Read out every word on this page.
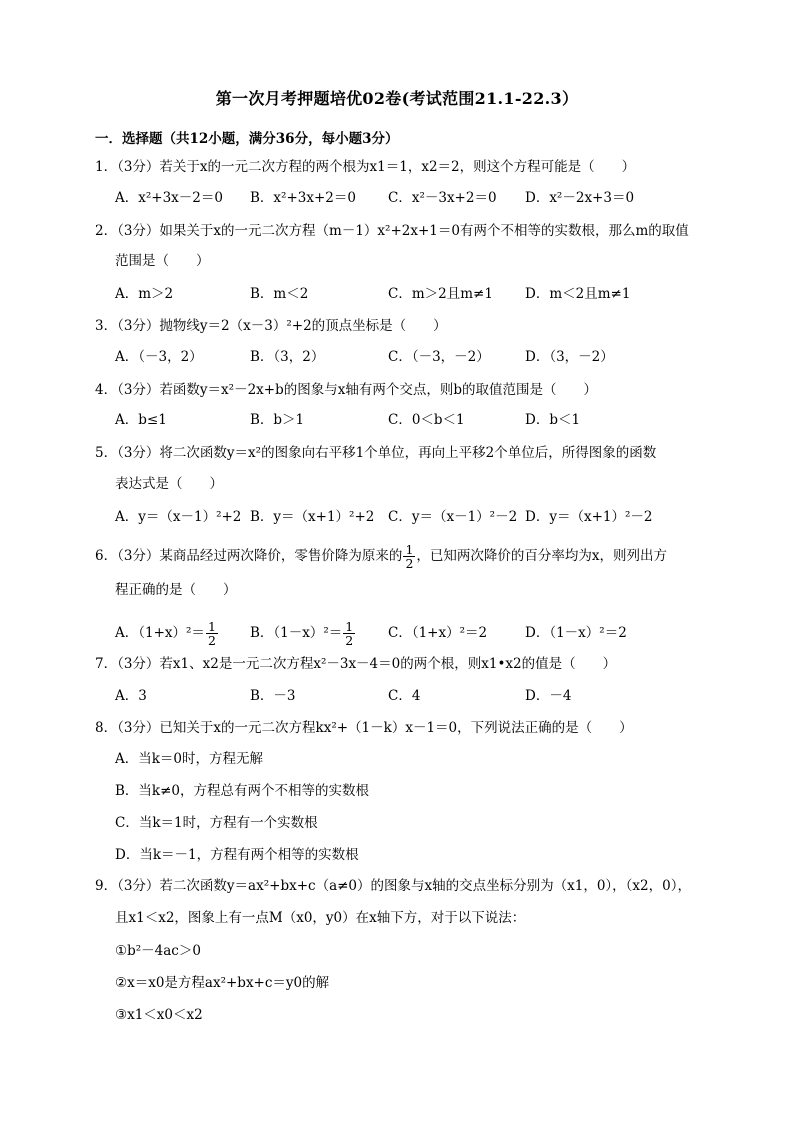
第一次月考押题培优02卷(考试范围21.1-22.3）
一．选择题（共12小题，满分36分，每小题3分）
1．（3分）若关于x的一元二次方程的两个根为x1＝1，x2＝2，则这个方程可能是（　　）
A．x²+3x－2＝0 B．x²+3x+2＝0 C．x²－3x+2＝0 D．x²－2x+3＝0
2．（3分）如果关于x的一元二次方程（m－1）x²+2x+1＝0有两个不相等的实数根，那么m的取值
范围是（　　）
A．m＞2	B．m＜2	C．m＞2且m≠1 D．m＜2且m≠1
3．（3分）抛物线y＝2（x－3）²+2的顶点坐标是（　　）
A．（－3，2）	B．（3，2）	C．（－3，－2）	D．（3，－2）
4．（3分）若函数y＝x²－2x+b的图象与x轴有两个交点，则b的取值范围是（　　）
A．b≤1	B．b＞1	C．0＜b＜1	D．b＜1
5．（3分）将二次函数y＝x²的图象向右平移1个单位，再向上平移2个单位后，所得图象的函数
表达式是（　　）
A．y＝（x－1）²+2 B．y＝（x+1）²+2 C．y＝（x－1）²－2 D．y＝（x+1）²－2
6．（3分）某商品经过两次降价，零售价降为原来的 $\frac{1}{2}$ ，已知两次降价的百分率均为x，则列出方
程正确的是（　　）
A．$(1+x)^2= \frac{1}{2}$ B．$(1-x)^2= \frac{1}{2}$ C．（1+x）²＝2	D．（1－x）²＝2
7．（3分）若x1、x2是一元二次方程x²－3x－4＝0的两个根，则x1•x2的值是（　　）
A．3	B．－3	C．4	D．－4
8．（3分）已知关于x的一元二次方程kx²+（1－k）x－1＝0，下列说法正确的是（　　）
A．当k＝0时，方程无解
B．当k≠0，方程总有两个不相等的实数根
C．当k＝1时，方程有一个实数根
D．当k＝－1，方程有两个相等的实数根
9．（3分）若二次函数y＝ax²+bx+c（a≠0）的图象与x轴的交点坐标分别为（x1，0），（x2，0），
且x1＜x2，图象上有一点M（x0，y0）在x轴下方，对于以下说法：
①b²－4ac＞0
②x＝x0是方程ax²+bx+c＝y0的解
③x1＜x0＜x2
